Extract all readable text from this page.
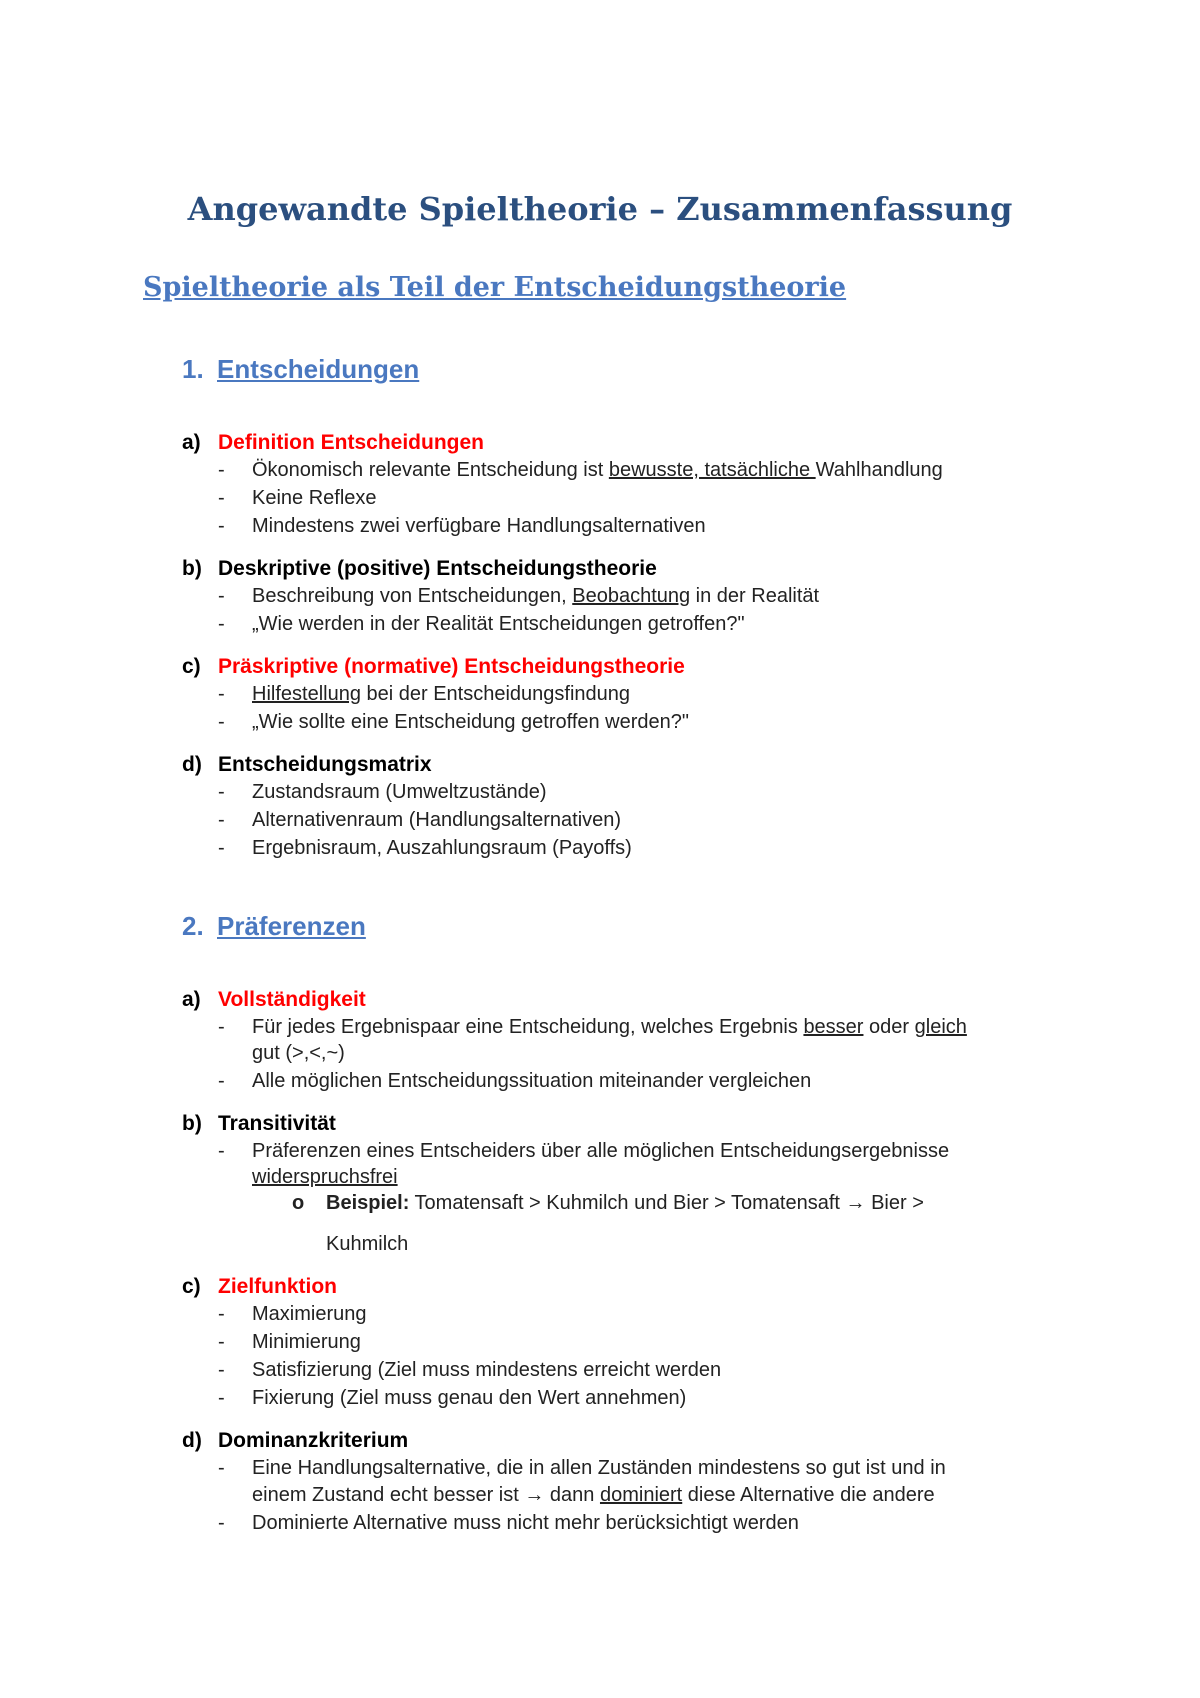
Angewandte Spieltheorie – Zusammenfassung
Spieltheorie als Teil der Entscheidungstheorie
1. Entscheidungen
a) Definition Entscheidungen
- Ökonomisch relevante Entscheidung ist bewusste, tatsächliche Wahlhandlung
- Keine Reflexe
- Mindestens zwei verfügbare Handlungsalternativen
b) Deskriptive (positive) Entscheidungstheorie
- Beschreibung von Entscheidungen, Beobachtung in der Realität
- „Wie werden in der Realität Entscheidungen getroffen?"
c) Präskriptive (normative) Entscheidungstheorie
- Hilfestellung bei der Entscheidungsfindung
- „Wie sollte eine Entscheidung getroffen werden?"
d) Entscheidungsmatrix
- Zustandsraum (Umweltzustände)
- Alternativenraum (Handlungsalternativen)
- Ergebnisraum, Auszahlungsraum (Payoffs)
2. Präferenzen
a) Vollständigkeit
- Für jedes Ergebnispaar eine Entscheidung, welches Ergebnis besser oder gleich
gut (>,<,~)
- Alle möglichen Entscheidungssituation miteinander vergleichen
b) Transitivität
- Präferenzen eines Entscheiders über alle möglichen Entscheidungsergebnisse
widerspruchsfrei
o Beispiel: Tomatensaft > Kuhmilch und Bier > Tomatensaft → Bier >
Kuhmilch
c) Zielfunktion
- Maximierung
- Minimierung
- Satisfizierung (Ziel muss mindestens erreicht werden
- Fixierung (Ziel muss genau den Wert annehmen)
d) Dominanzkriterium
- Eine Handlungsalternative, die in allen Zuständen mindestens so gut ist und in
einem Zustand echt besser ist → dann dominiert diese Alternative die andere
- Dominierte Alternative muss nicht mehr berücksichtigt werden
